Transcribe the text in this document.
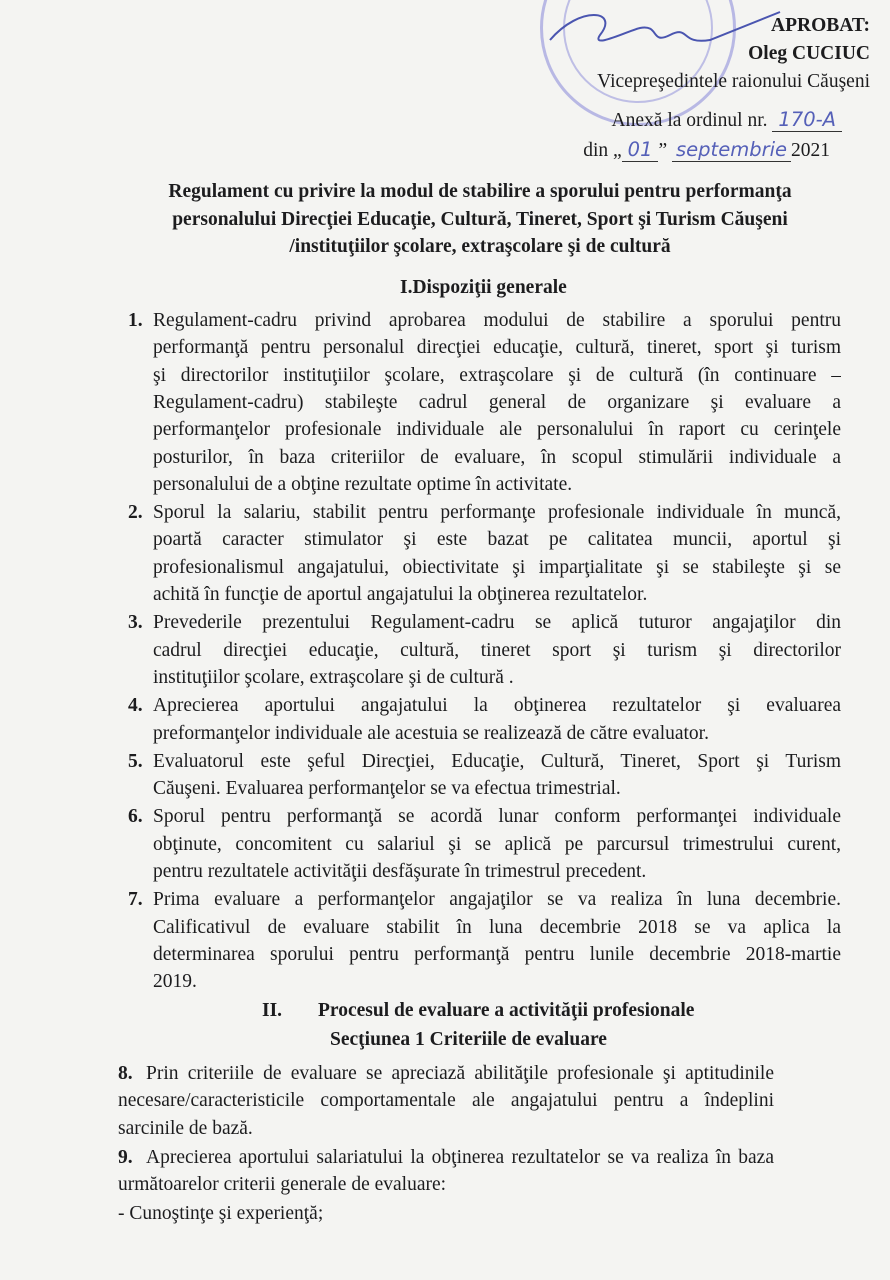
APROBAT:
Oleg CUCIUC
Vicepreşedintele raionului Căuşeni
Anexă la ordinul nr. 170-A
din „ 01 ” septembrie 2021
Regulament cu privire la modul de stabilire a sporului pentru performanţa
personalului Direcţiei Educaţie, Cultură, Tineret, Sport şi Turism Căuşeni
/instituţiilor şcolare, extraşcolare şi de cultură
I.Dispoziţii generale
1. Regulament-cadru privind aprobarea modului de stabilire a sporului pentru
performanţă pentru personalul direcţiei educaţie, cultură, tineret, sport şi turism
şi directorilor instituţiilor şcolare, extraşcolare şi de cultură (în continuare –
Regulament-cadru) stabileşte cadrul general de organizare şi evaluare a
performanţelor profesionale individuale ale personalului în raport cu cerinţele
posturilor, în baza criteriilor de evaluare, în scopul stimulării individuale a
personalului de a obţine rezultate optime în activitate.
2. Sporul la salariu, stabilit pentru performanţe profesionale individuale în muncă,
poartă caracter stimulator şi este bazat pe calitatea muncii, aportul şi
profesionalismul angajatului, obiectivitate şi imparţialitate şi se stabileşte şi se
achită în funcţie de aportul angajatului la obţinerea rezultatelor.
3. Prevederile prezentului Regulament-cadru se aplică tuturor angajaţilor din
cadrul direcţiei educaţie, cultură, tineret sport şi turism şi directorilor
instituţiilor şcolare, extraşcolare şi de cultură .
4. Aprecierea aportului angajatului la obţinerea rezultatelor şi evaluarea
preformanţelor individuale ale acestuia se realizează de către evaluator.
5. Evaluatorul este şeful Direcţiei, Educaţie, Cultură, Tineret, Sport şi Turism
Căuşeni. Evaluarea performanţelor se va efectua trimestrial.
6. Sporul pentru performanţă se acordă lunar conform performanţei individuale
obţinute, concomitent cu salariul şi se aplică pe parcursul trimestrului curent,
pentru rezultatele activităţii desfăşurate în trimestrul precedent.
7. Prima evaluare a performanţelor angajaţilor se va realiza în luna decembrie.
Calificativul de evaluare stabilit în luna decembrie 2018 se va aplica la
determinarea sporului pentru performanţă pentru lunile decembrie 2018-martie
2019.
II. Procesul de evaluare a activităţii profesionale
Secţiunea 1 Criteriile de evaluare
8. Prin criteriile de evaluare se apreciază abilităţile profesionale şi aptitudinile
necesare/caracteristicile comportamentale ale angajatului pentru a îndeplini
sarcinile de bază.
9. Aprecierea aportului salariatului la obţinerea rezultatelor se va realiza în baza
următoarelor criterii generale de evaluare:
- Cunoştinţe şi experienţă;
